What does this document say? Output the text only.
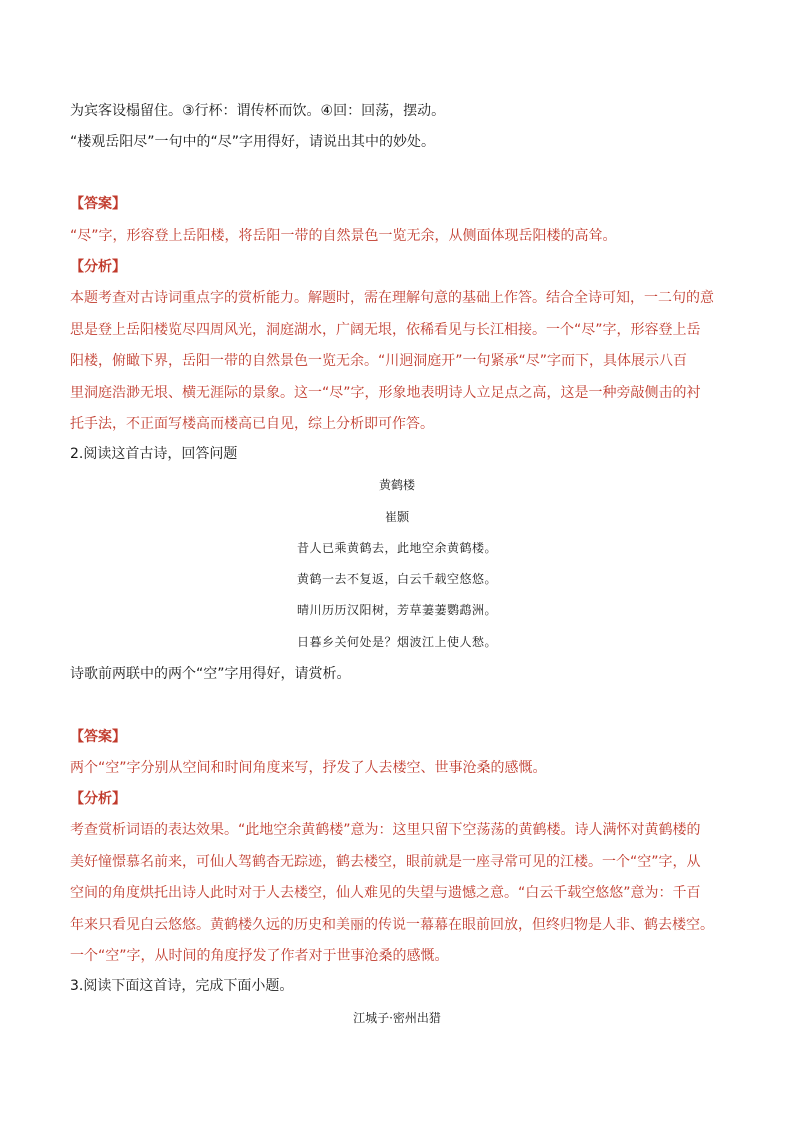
为宾客设榻留住。③行杯：谓传杯而饮。④回：回荡，摆动。
“楼观岳阳尽”一句中的“尽”字用得好，请说出其中的妙处。
【答案】
“尽”字，形容登上岳阳楼，将岳阳一带的自然景色一览无余，从侧面体现岳阳楼的高耸。
【分析】
本题考查对古诗词重点字的赏析能力。解题时，需在理解句意的基础上作答。结合全诗可知，一二句的意
思是登上岳阳楼览尽四周风光，洞庭湖水，广阔无垠，依稀看见与长江相接。一个“尽”字，形容登上岳
阳楼，俯瞰下界，岳阳一带的自然景色一览无余。“川迥洞庭开”一句紧承“尽”字而下，具体展示八百
里洞庭浩渺无垠、横无涯际的景象。这一“尽”字，形象地表明诗人立足点之高，这是一种旁敲侧击的衬
托手法，不正面写楼高而楼高已自见，综上分析即可作答。
2.阅读这首古诗，回答问题
黄鹤楼
崔颢
昔人已乘黄鹤去，此地空余黄鹤楼。
黄鹤一去不复返，白云千载空悠悠。
晴川历历汉阳树，芳草萋萋鹦鹉洲。
日暮乡关何处是？烟波江上使人愁。
诗歌前两联中的两个“空”字用得好，请赏析。
【答案】
两个“空”字分别从空间和时间角度来写，抒发了人去楼空、世事沧桑的感慨。
【分析】
考查赏析词语的表达效果。“此地空余黄鹤楼”意为：这里只留下空荡荡的黄鹤楼。诗人满怀对黄鹤楼的
美好憧憬慕名前来，可仙人驾鹤杳无踪迹，鹤去楼空，眼前就是一座寻常可见的江楼。一个“空”字，从
空间的角度烘托出诗人此时对于人去楼空，仙人难见的失望与遗憾之意。“白云千载空悠悠”意为：千百
年来只看见白云悠悠。黄鹤楼久远的历史和美丽的传说一幕幕在眼前回放，但终归物是人非、鹤去楼空。
一个“空”字，从时间的角度抒发了作者对于世事沧桑的感慨。
3.阅读下面这首诗，完成下面小题。
江城子·密州出猎
